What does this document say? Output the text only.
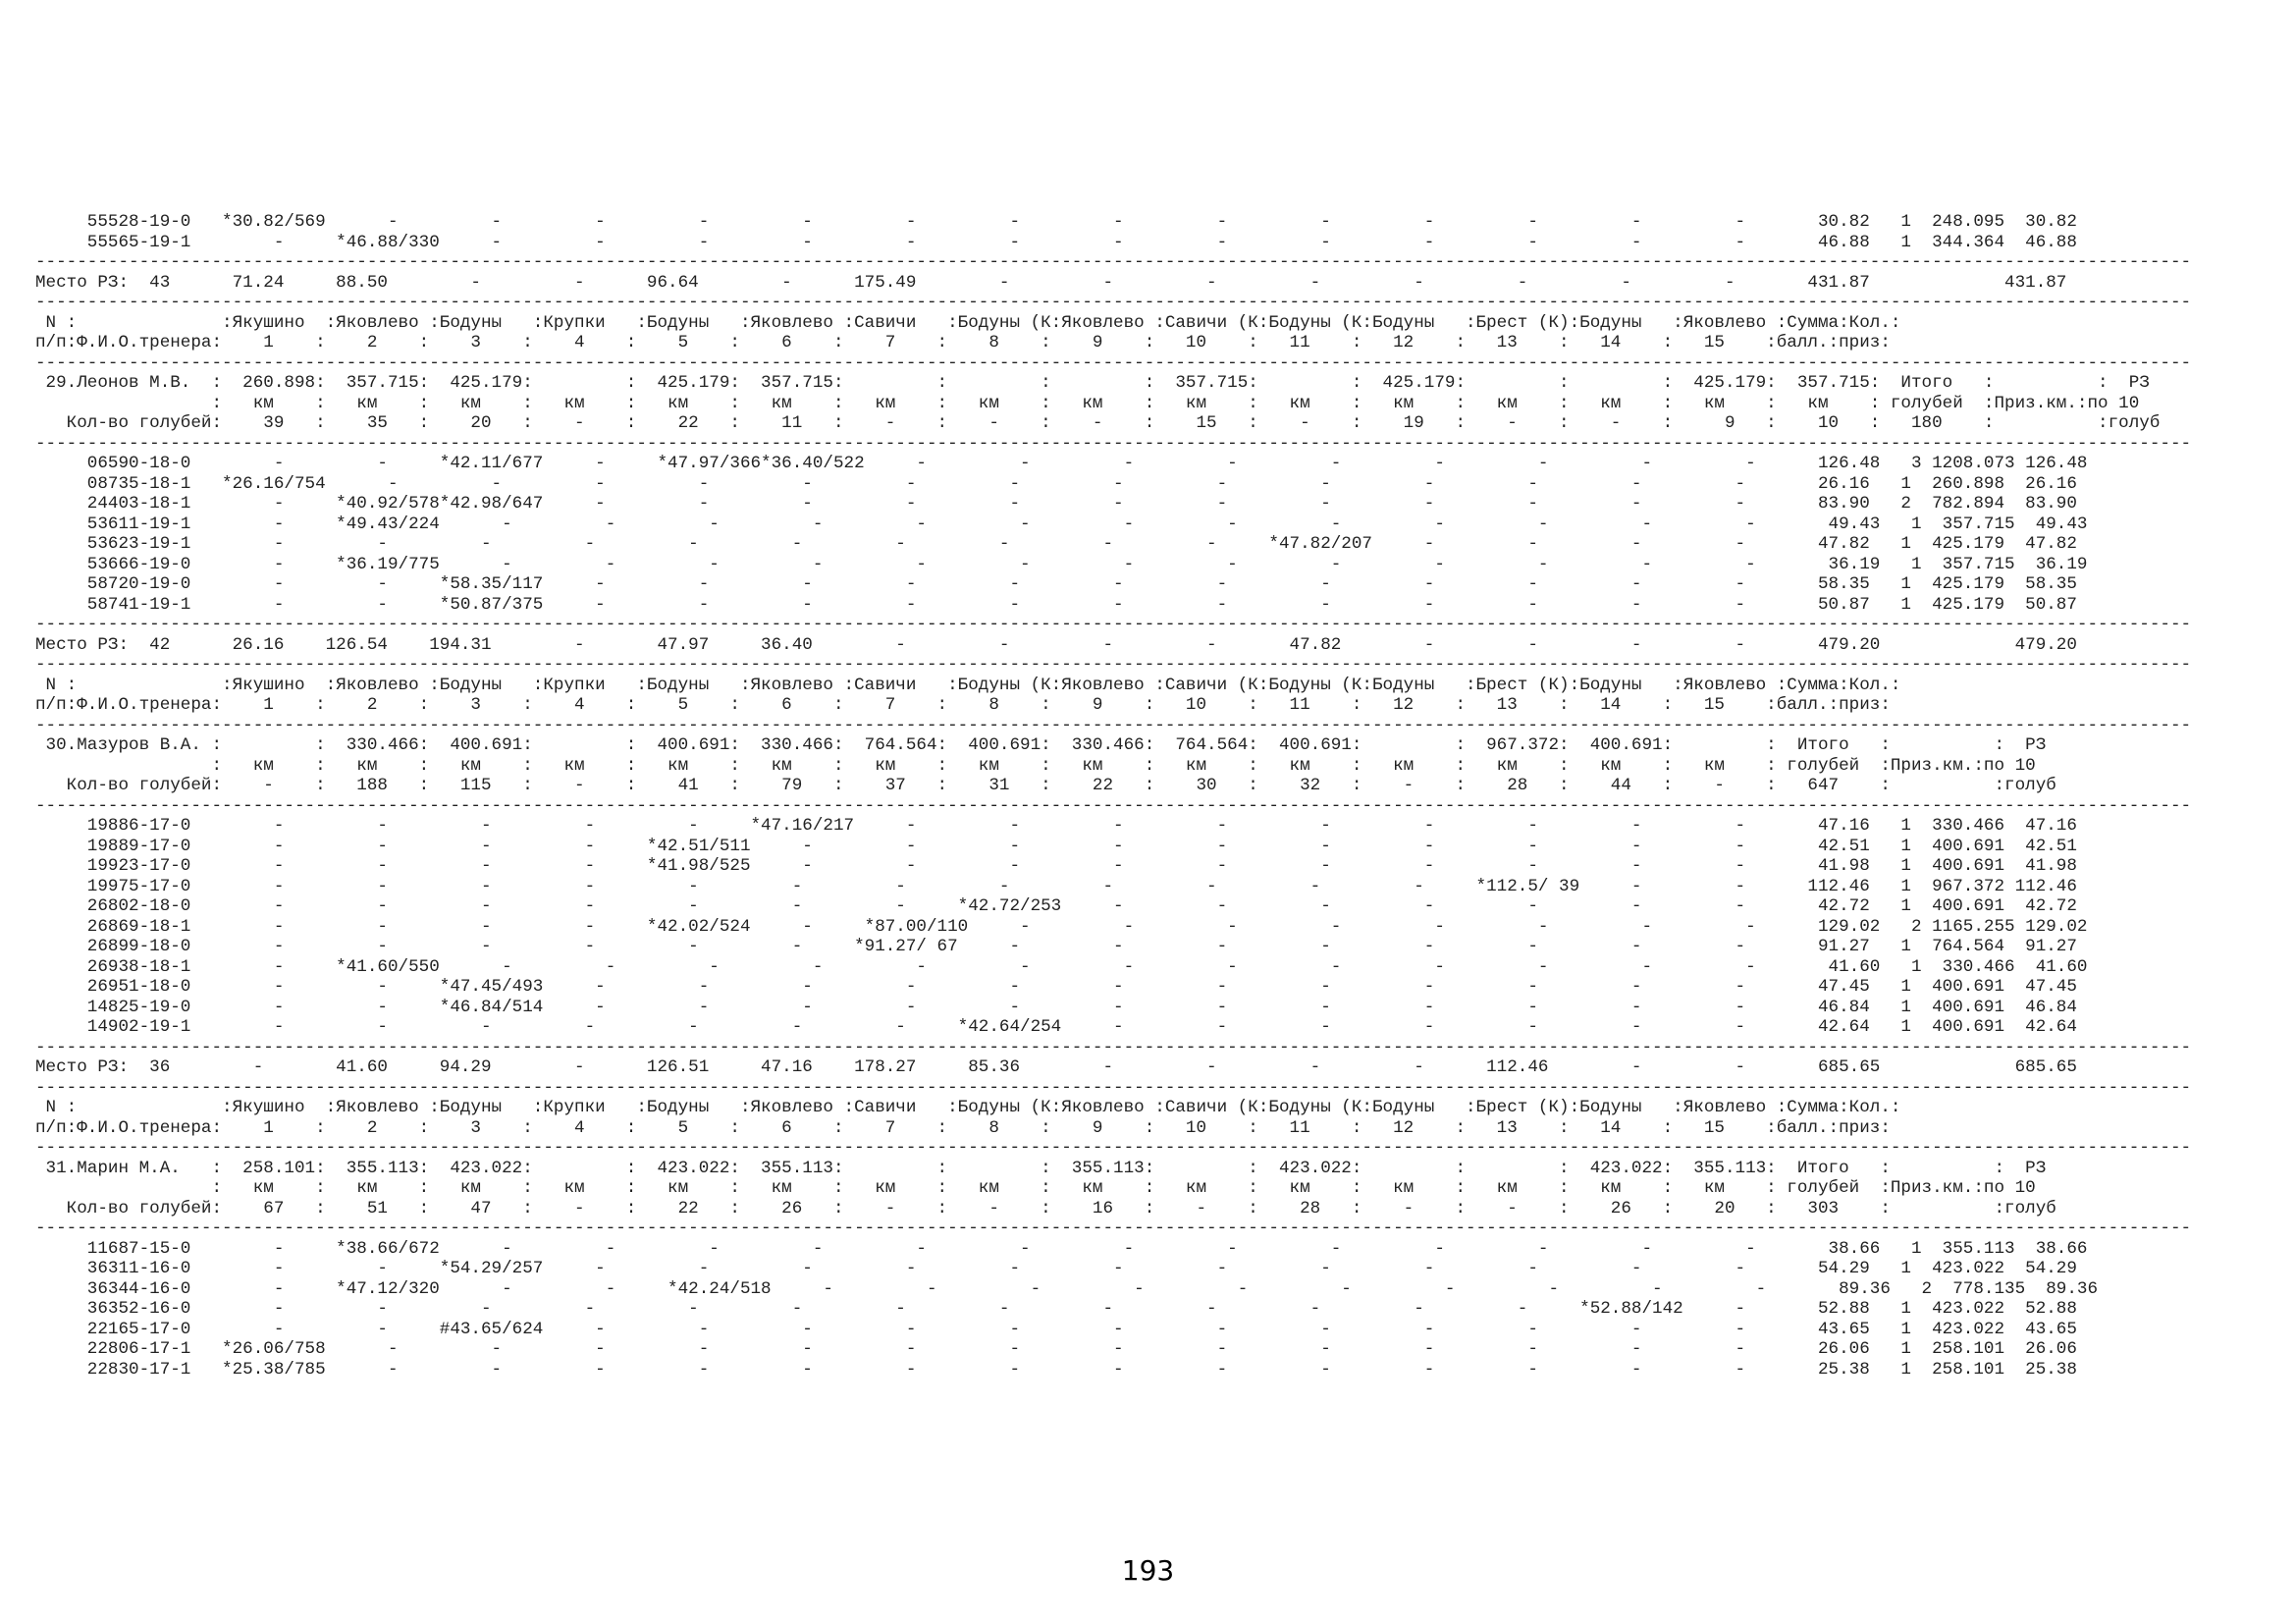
55528-19-0   *30.82/569      -         -         -         -         -         -         -         -         -         -         -         -         -         -       30.82   1  248.095  30.82
55565-19-1        -     *46.88/330     -         -         -         -         -         -         -         -         -         -         -         -         -       46.88   1  344.364  46.88
----------------------------------------------------------------------------------------------------------------------------------------------------------------------------------------------------------------
Место РЗ:  43      71.24     88.50        -         -      96.64        -      175.49        -         -         -         -         -         -         -         -       431.87             431.87
----------------------------------------------------------------------------------------------------------------------------------------------------------------------------------------------------------------
N :              :Якушино  :Яковлево :Бодуны   :Крупки   :Бодуны   :Яковлево :Савичи   :Бодуны (К:Яковлево :Савичи (К:Бодуны (К:Бодуны   :Брест (К):Бодуны   :Яковлево :Сумма:Кол.:
п/п:Ф.И.О.тренера:    1    :    2    :    3    :    4    :    5    :    6    :    7    :    8    :    9    :   10    :   11    :   12    :   13    :   14    :   15    :балл.:приз:
----------------------------------------------------------------------------------------------------------------------------------------------------------------------------------------------------------------
29.Леонов М.В.  :  260.898:  357.715:  425.179:         :  425.179:  357.715:         :         :         :  357.715:         :  425.179:         :         :  425.179:  357.715:  Итого   :          :  РЗ
:   км    :   км    :   км    :   км    :   км    :   км    :   км    :   км    :   км    :   км    :   км    :   км    :   км    :   км    :   км    :   км    : голубей  :Приз.км.:по 10
Кол-во голубей:    39   :    35   :    20   :    -    :    22   :    11   :    -    :    -    :    -    :    15   :    -    :    19   :    -    :    -    :     9   :    10   :   180    :          :голуб
----------------------------------------------------------------------------------------------------------------------------------------------------------------------------------------------------------------
06590-18-0        -         -     *42.11/677     -     *47.97/366*36.40/522     -         -         -         -         -         -         -         -         -      126.48   3 1208.073 126.48
08735-18-1   *26.16/754      -         -         -         -         -         -         -         -         -         -         -         -         -         -       26.16   1  260.898  26.16
24403-18-1        -     *40.92/578*42.98/647     -         -         -         -         -         -         -         -         -         -         -         -       83.90   2  782.894  83.90
53611-19-1        -     *49.43/224      -         -         -         -         -         -         -         -         -         -         -         -         -       49.43   1  357.715  49.43
53623-19-1        -         -         -         -         -         -         -         -         -         -     *47.82/207     -         -         -         -       47.82   1  425.179  47.82
53666-19-0        -     *36.19/775      -         -         -         -         -         -         -         -         -         -         -         -         -       36.19   1  357.715  36.19
58720-19-0        -         -     *58.35/117     -         -         -         -         -         -         -         -         -         -         -         -       58.35   1  425.179  58.35
58741-19-1        -         -     *50.87/375     -         -         -         -         -         -         -         -         -         -         -         -       50.87   1  425.179  50.87
----------------------------------------------------------------------------------------------------------------------------------------------------------------------------------------------------------------
Место РЗ:  42      26.16    126.54    194.31        -       47.97     36.40        -         -         -         -       47.82        -         -         -         -       479.20             479.20
----------------------------------------------------------------------------------------------------------------------------------------------------------------------------------------------------------------
N :              :Якушино  :Яковлево :Бодуны   :Крупки   :Бодуны   :Яковлево :Савичи   :Бодуны (К:Яковлево :Савичи (К:Бодуны (К:Бодуны   :Брест (К):Бодуны   :Яковлево :Сумма:Кол.:
п/п:Ф.И.О.тренера:    1    :    2    :    3    :    4    :    5    :    6    :    7    :    8    :    9    :   10    :   11    :   12    :   13    :   14    :   15    :балл.:приз:
----------------------------------------------------------------------------------------------------------------------------------------------------------------------------------------------------------------
30.Мазуров В.А. :         :  330.466:  400.691:         :  400.691:  330.466:  764.564:  400.691:  330.466:  764.564:  400.691:         :  967.372:  400.691:         :  Итого   :          :  РЗ
:   км    :   км    :   км    :   км    :   км    :   км    :   км    :   км    :   км    :   км    :   км    :   км    :   км    :   км    :   км    : голубей  :Приз.км.:по 10
Кол-во голубей:    -    :   188   :   115   :    -    :    41   :    79   :    37   :    31   :    22   :    30   :    32   :    -    :    28   :    44   :    -    :   647    :          :голуб
----------------------------------------------------------------------------------------------------------------------------------------------------------------------------------------------------------------
19886-17-0        -         -         -         -         -     *47.16/217     -         -         -         -         -         -         -         -         -       47.16   1  330.466  47.16
19889-17-0        -         -         -         -     *42.51/511     -         -         -         -         -         -         -         -         -         -       42.51   1  400.691  42.51
19923-17-0        -         -         -         -     *41.98/525     -         -         -         -         -         -         -         -         -         -       41.98   1  400.691  41.98
19975-17-0        -         -         -         -         -         -         -         -         -         -         -         -     *112.5/ 39     -         -      112.46   1  967.372 112.46
26802-18-0        -         -         -         -         -         -         -     *42.72/253     -         -         -         -         -         -         -       42.72   1  400.691  42.72
26869-18-1        -         -         -         -     *42.02/524     -     *87.00/110     -         -         -         -         -         -         -         -      129.02   2 1165.255 129.02
26899-18-0        -         -         -         -         -         -     *91.27/ 67     -         -         -         -         -         -         -         -       91.27   1  764.564  91.27
26938-18-1        -     *41.60/550      -         -         -         -         -         -         -         -         -         -         -         -         -       41.60   1  330.466  41.60
26951-18-0        -         -     *47.45/493     -         -         -         -         -         -         -         -         -         -         -         -       47.45   1  400.691  47.45
14825-19-0        -         -     *46.84/514     -         -         -         -         -         -         -         -         -         -         -         -       46.84   1  400.691  46.84
14902-19-1        -         -         -         -         -         -         -     *42.64/254     -         -         -         -         -         -         -       42.64   1  400.691  42.64
----------------------------------------------------------------------------------------------------------------------------------------------------------------------------------------------------------------
Место РЗ:  36        -       41.60     94.29        -      126.51     47.16    178.27     85.36        -         -         -         -      112.46        -         -       685.65             685.65
----------------------------------------------------------------------------------------------------------------------------------------------------------------------------------------------------------------
N :              :Якушино  :Яковлево :Бодуны   :Крупки   :Бодуны   :Яковлево :Савичи   :Бодуны (К:Яковлево :Савичи (К:Бодуны (К:Бодуны   :Брест (К):Бодуны   :Яковлево :Сумма:Кол.:
п/п:Ф.И.О.тренера:    1    :    2    :    3    :    4    :    5    :    6    :    7    :    8    :    9    :   10    :   11    :   12    :   13    :   14    :   15    :балл.:приз:
----------------------------------------------------------------------------------------------------------------------------------------------------------------------------------------------------------------
31.Марин М.А.   :  258.101:  355.113:  423.022:         :  423.022:  355.113:         :         :  355.113:         :  423.022:         :         :  423.022:  355.113:  Итого   :          :  РЗ
:   км    :   км    :   км    :   км    :   км    :   км    :   км    :   км    :   км    :   км    :   км    :   км    :   км    :   км    :   км    : голубей  :Приз.км.:по 10
Кол-во голубей:    67   :    51   :    47   :    -    :    22   :    26   :    -    :    -    :    16   :    -    :    28   :    -    :    -    :    26   :    20   :   303    :          :голуб
----------------------------------------------------------------------------------------------------------------------------------------------------------------------------------------------------------------
11687-15-0        -     *38.66/672      -         -         -         -         -         -         -         -         -         -         -         -         -       38.66   1  355.113  38.66
36311-16-0        -         -     *54.29/257     -         -         -         -         -         -         -         -         -         -         -         -       54.29   1  423.022  54.29
36344-16-0        -     *47.12/320      -         -     *42.24/518     -         -         -         -         -         -         -         -         -         -       89.36   2  778.135  89.36
36352-16-0        -         -         -         -         -         -         -         -         -         -         -         -         -     *52.88/142     -       52.88   1  423.022  52.88
22165-17-0        -         -     #43.65/624     -         -         -         -         -         -         -         -         -         -         -         -       43.65   1  423.022  43.65
22806-17-1   *26.06/758      -         -         -         -         -         -         -         -         -         -         -         -         -         -       26.06   1  258.101  26.06
22830-17-1   *25.38/785      -         -         -         -         -         -         -         -         -         -         -         -         -         -       25.38   1  258.101  25.38

193
